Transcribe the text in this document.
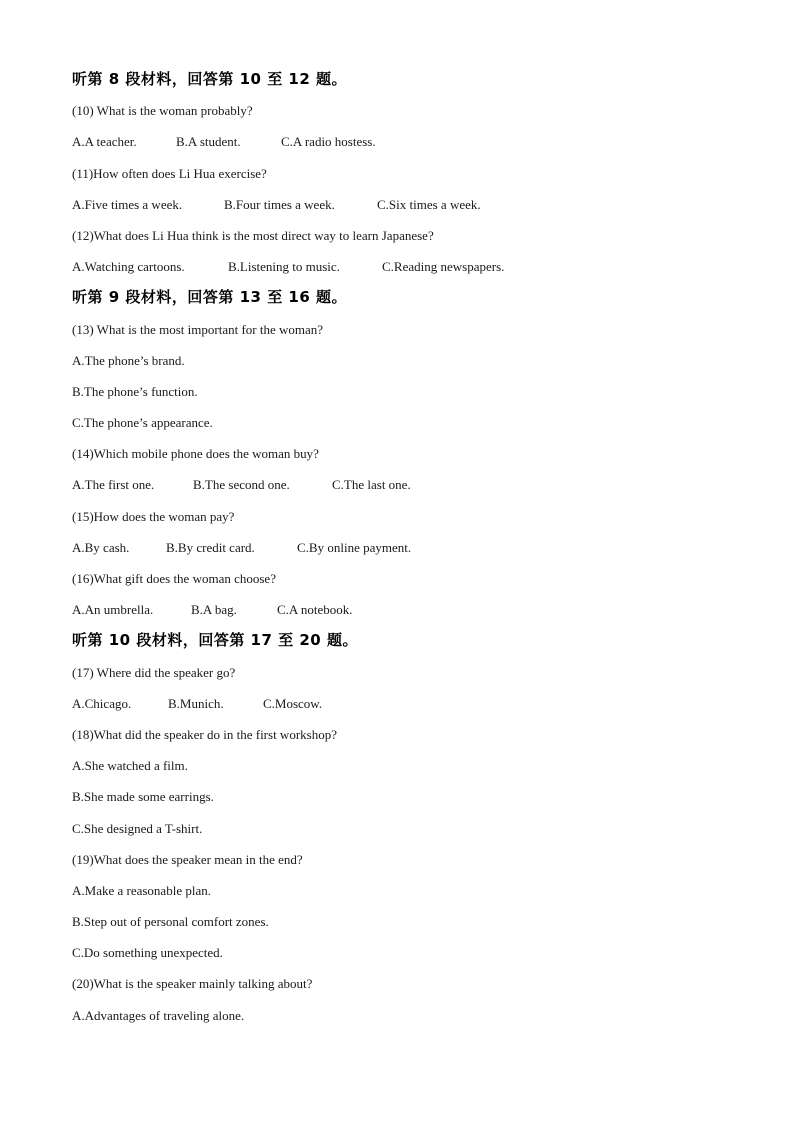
听第 8 段材料，回答第 10 至 12 题。
(10) What is the woman probably?
A.A teacher.	B.A student.	C.A radio hostess.
(11)How often does Li Hua exercise?
A.Five times a week.	B.Four times a week.	C.Six times a week.
(12)What does Li Hua think is the most direct way to learn Japanese?
A.Watching cartoons.	B.Listening to music.	C.Reading newspapers.
听第 9 段材料，回答第 13 至 16 题。
(13) What is the most important for the woman?
A.The phone’s brand.
B.The phone’s function.
C.The phone’s appearance.
(14)Which mobile phone does the woman buy?
A.The first one.	B.The second one.	C.The last one.
(15)How does the woman pay?
A.By cash.	B.By credit card.	C.By online payment.
(16)What gift does the woman choose?
A.An umbrella.	B.A bag.	C.A notebook.
听第 10 段材料，回答第 17 至 20 题。
(17) Where did the speaker go?
A.Chicago.	B.Munich.	C.Moscow.
(18)What did the speaker do in the first workshop?
A.She watched a film.
B.She made some earrings.
C.She designed a T-shirt.
(19)What does the speaker mean in the end?
A.Make a reasonable plan.
B.Step out of personal comfort zones.
C.Do something unexpected.
(20)What is the speaker mainly talking about?
A.Advantages of traveling alone.
